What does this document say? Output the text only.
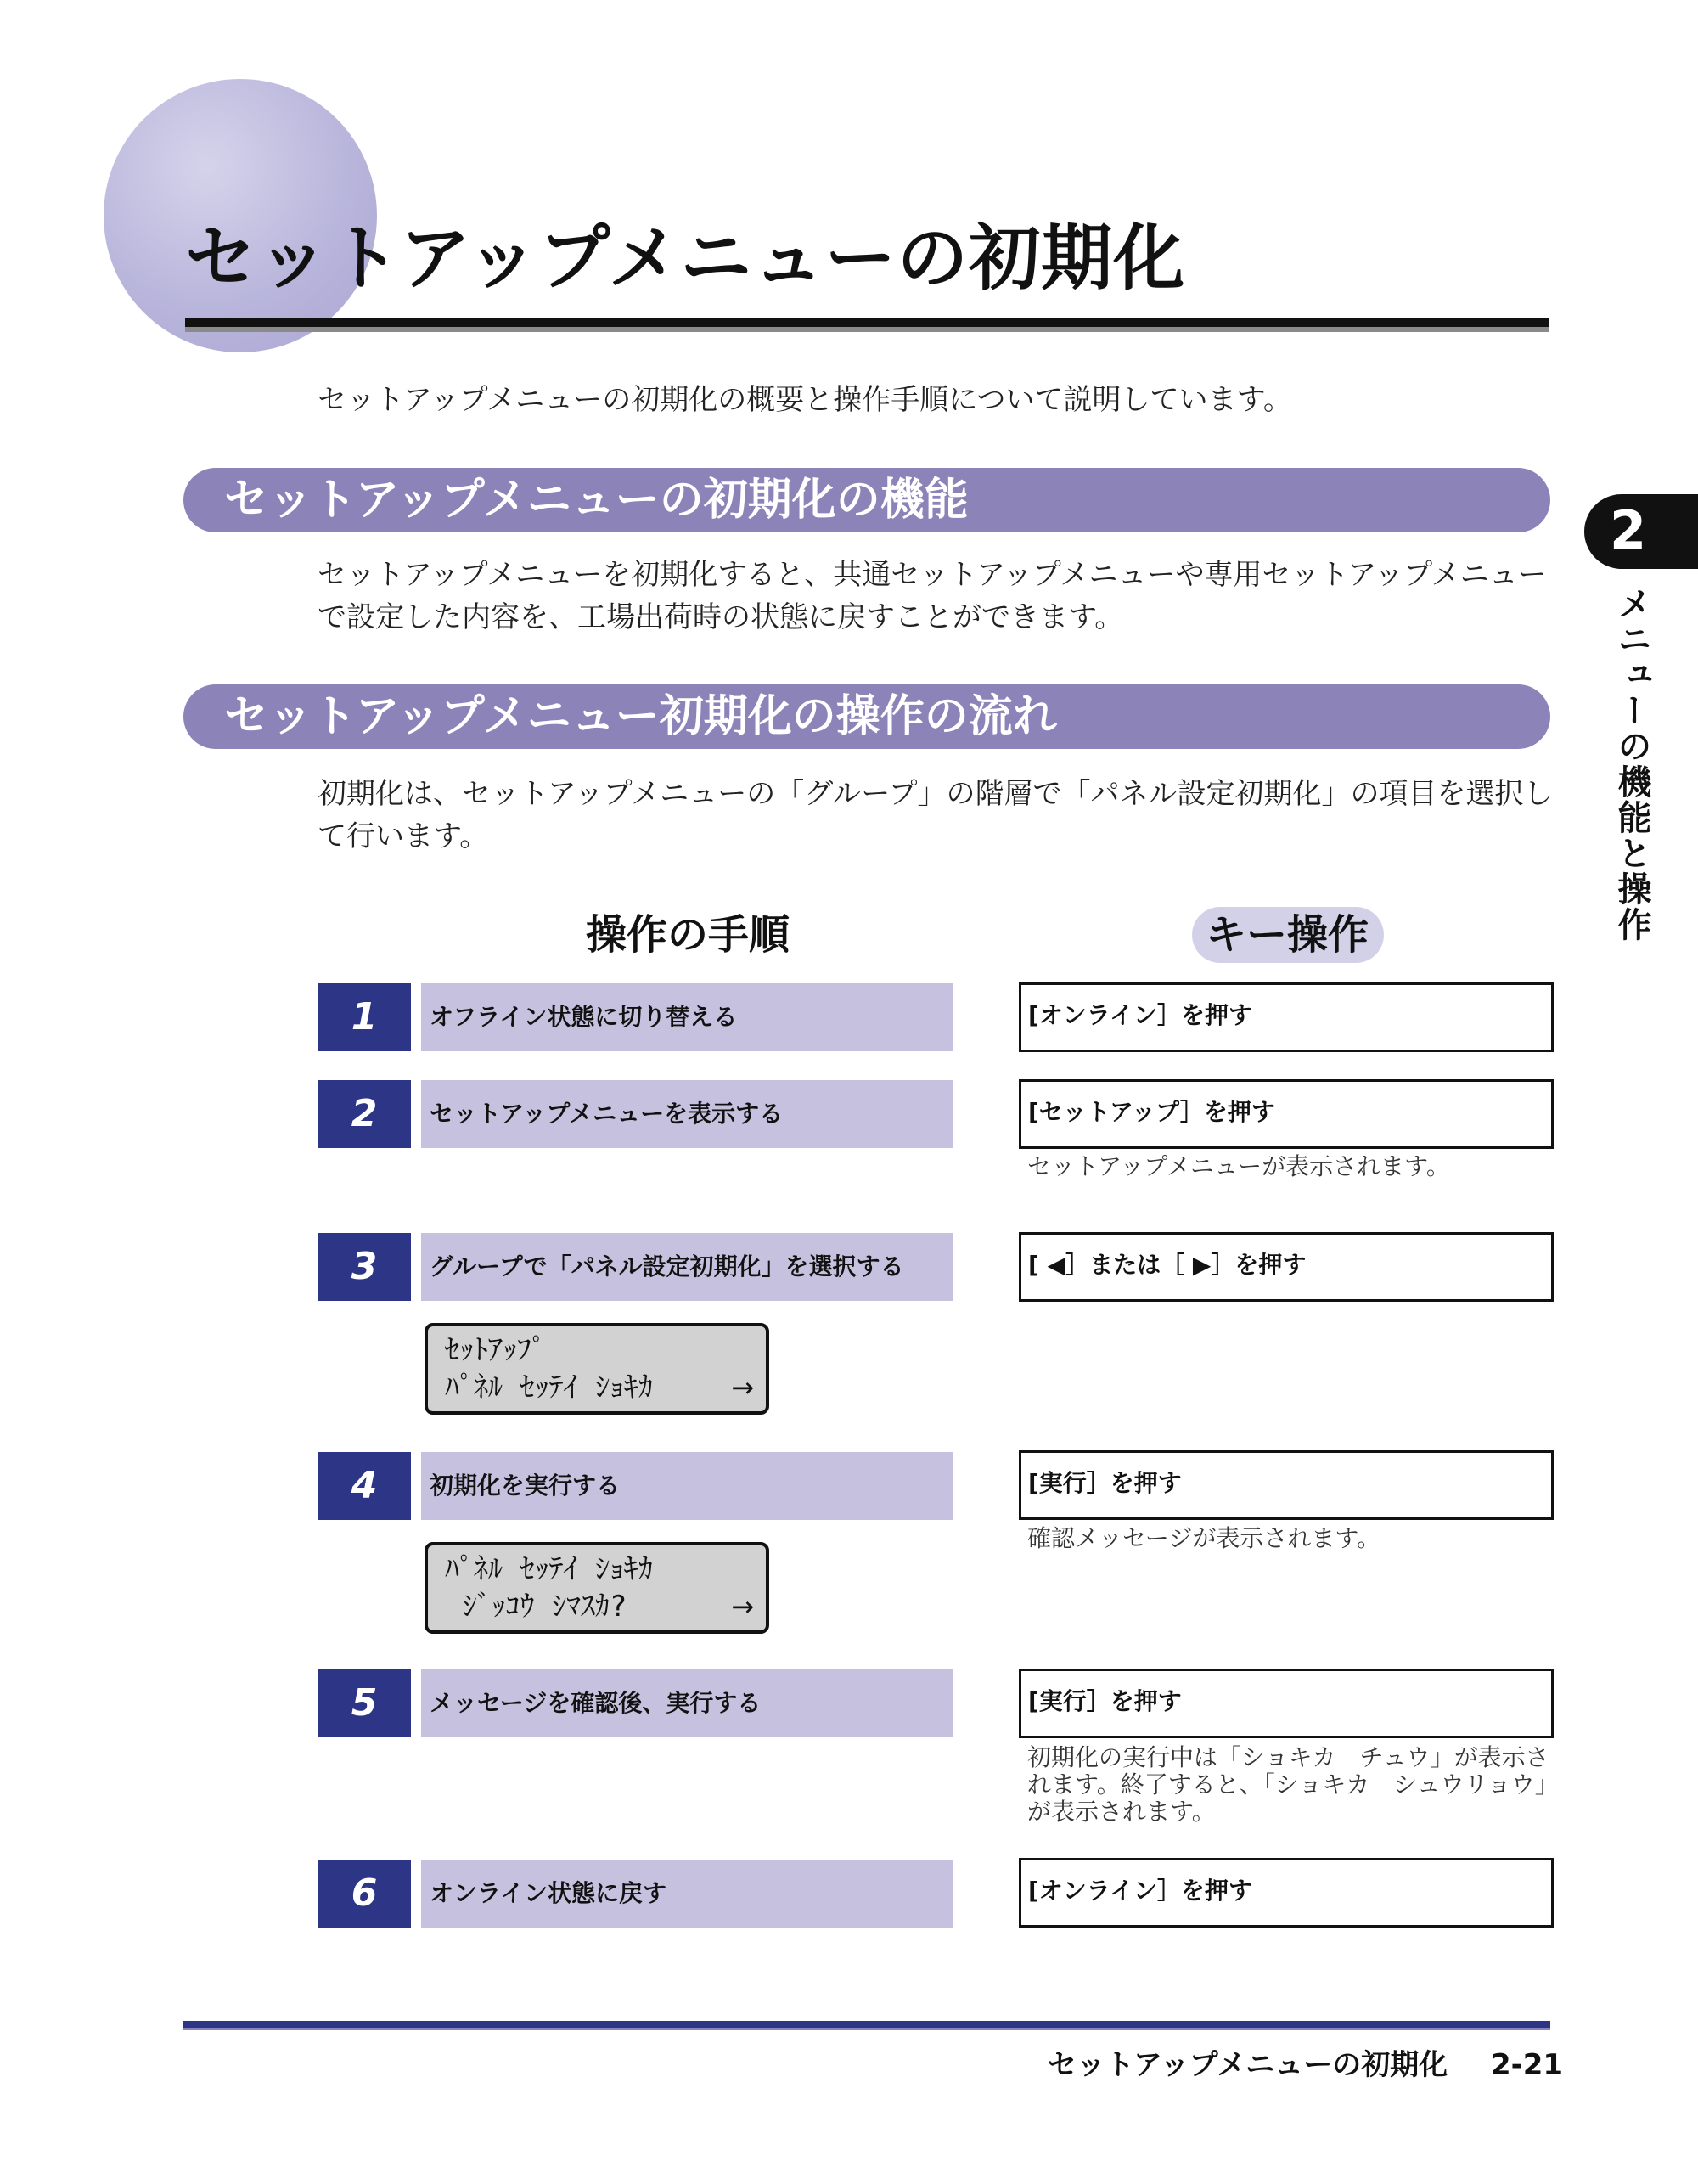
セットアップメニューの初期化
セットアップメニューの初期化の概要と操作手順について説明しています。
セットアップメニューの初期化の機能
セットアップメニューを初期化すると、共通セットアップメニューや専用セットアップメニューで設定した内容を、工場出荷時の状態に戻すことができます。
セットアップメニュー初期化の操作の流れ
初期化は、セットアップメニューの「グループ」の階層で「パネル設定初期化」の項目を選択して行います。
2
メニューの機能と操作
操作の手順	キー操作
1	オフライン状態に切り替える	[オンライン］を押す
2	セットアップメニューを表示する	[セットアップ］を押す
セットアップメニューが表示されます。
3	グループで「パネル設定初期化」を選択する	[ ◀］または［ ▶］を押す
ｾｯﾄｱｯﾌﾟ
ﾊﾟﾈﾙ ｾｯﾃｲ ｼｮｷｶ	→
4	初期化を実行する	[実行］を押す
確認メッセージが表示されます。
ﾊﾟﾈﾙ ｾｯﾃｲ ｼｮｷｶ
ｼﾞｯｺｳ ｼﾏｽｶ?	→
5	メッセージを確認後、実行する	[実行］を押す
初期化の実行中は「ショキカ　チュウ」が表示されます。終了すると、「ショキカ　シュウリョウ」が表示されます。
6	オンライン状態に戻す	[オンライン］を押す
セットアップメニューの初期化 2-21
